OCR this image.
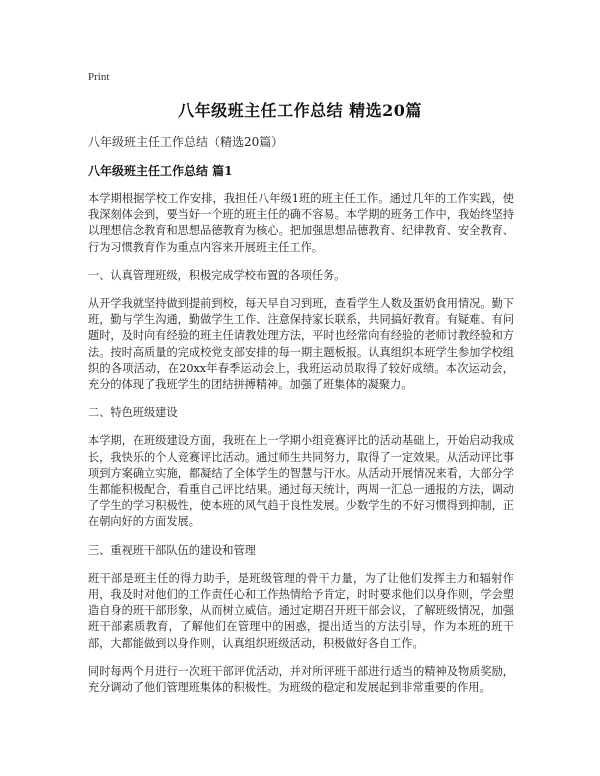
Print
八年级班主任工作总结 精选20篇

八年级班主任工作总结（精选20篇）

八年级班主任工作总结 篇1

本学期根据学校工作安排，我担任八年级1班的班主任工作。通过几年的工作实践，使我深刻体会到，要当好一个班的班主任的确不容易。本学期的班务工作中，我始终坚持以理想信念教育和思想品德教育为核心。把加强思想品德教育、纪律教育、安全教育、行为习惯教育作为重点内容来开展班主任工作。

一、认真管理班级，积极完成学校布置的各项任务。

从开学我就坚持做到提前到校，每天早自习到班，查看学生人数及蛋奶食用情况。勤下班，勤与学生沟通，勤做学生工作、注意保持家长联系，共同搞好教育。有疑难、有问题时，及时向有经验的班主任请教处理方法，平时也经常向有经验的老师讨教经验和方法。按时高质量的完成校党支部安排的每一期主题板报。认真组织本班学生参加学校组织的各项活动，在20xx年春季运动会上，我班运动员取得了较好成绩。本次运动会，充分的体现了我班学生的团结拼搏精神。加强了班集体的凝聚力。

二、特色班级建设

本学期，在班级建设方面，我班在上一学期小组竞赛评比的活动基础上，开始启动我成长，我快乐的个人竞赛评比活动。通过师生共同努力，取得了一定效果。从活动评比事项到方案确立实施，都凝结了全体学生的智慧与汗水。从活动开展情况来看，大部分学生都能积极配合，看重自己评比结果。通过每天统计，两周一汇总一通报的方法，调动了学生的学习积极性，使本班的风气趋于良性发展。少数学生的不好习惯得到抑制，正在朝向好的方面发展。

三、重视班干部队伍的建设和管理

班干部是班主任的得力助手，是班级管理的骨干力量，为了让他们发挥主力和辐射作用，我及时对他们的工作责任心和工作热情给予肯定，时时要求他们以身作则，学会塑造自身的班干部形象，从而树立威信。通过定期召开班干部会议，了解班级情况，加强班干部素质教育，了解他们在管理中的困惑，提出适当的方法引导，作为本班的班干部，大都能做到以身作则，认真组织班级活动，积极做好各自工作。

同时每两个月进行一次班干部评优活动，并对所评班干部进行适当的精神及物质奖励，充分调动了他们管理班集体的积极性。为班级的稳定和发展起到非常重要的作用。
